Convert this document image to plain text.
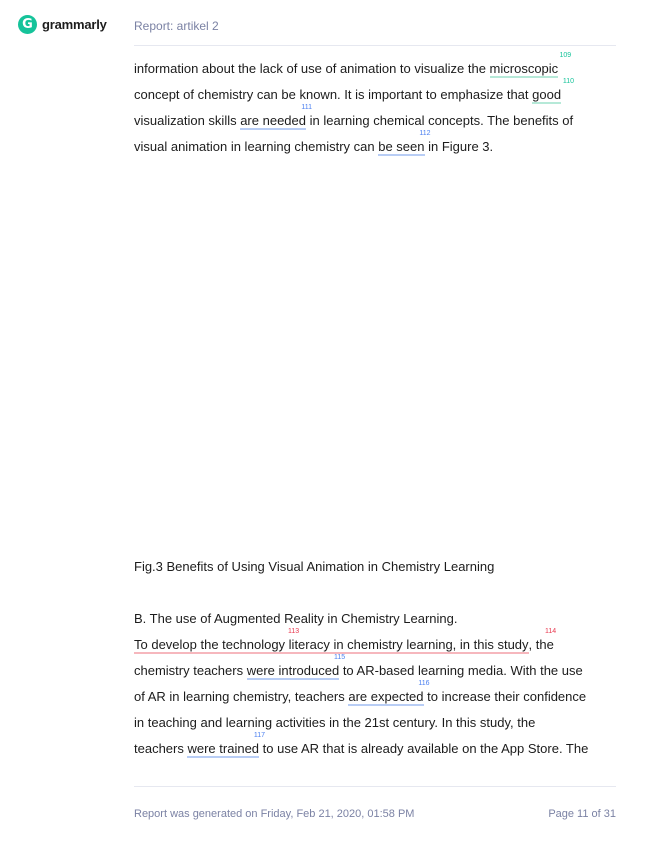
G grammarly Report: artikel 2
information about the lack of use of animation to visualize the microscopic
109
concept of chemistry can be known. It is important to emphasize that good
110
visualization skills are needed
111
in learning chemical concepts. The benefits of
visual animation in learning chemistry can be seen
112
in Figure 3.
Fig.3 Benefits of Using Visual Animation in Chemistry Learning
B. The use of Augmented Reality in Chemistry Learning.
To develop the technology literacy in chemistry learning, in this study
113	114
, the
chemistry teachers were introduced
115
to AR-based learning media. With the use
of AR in learning chemistry, teachers are expected
116
to increase their confidence
in teaching and learning activities in the 21st century. In this study, the
teachers were trained
117
to use AR that is already available on the App Store. The
Report was generated on Friday, Feb 21, 2020, 01:58 PM	Page 11 of 31
